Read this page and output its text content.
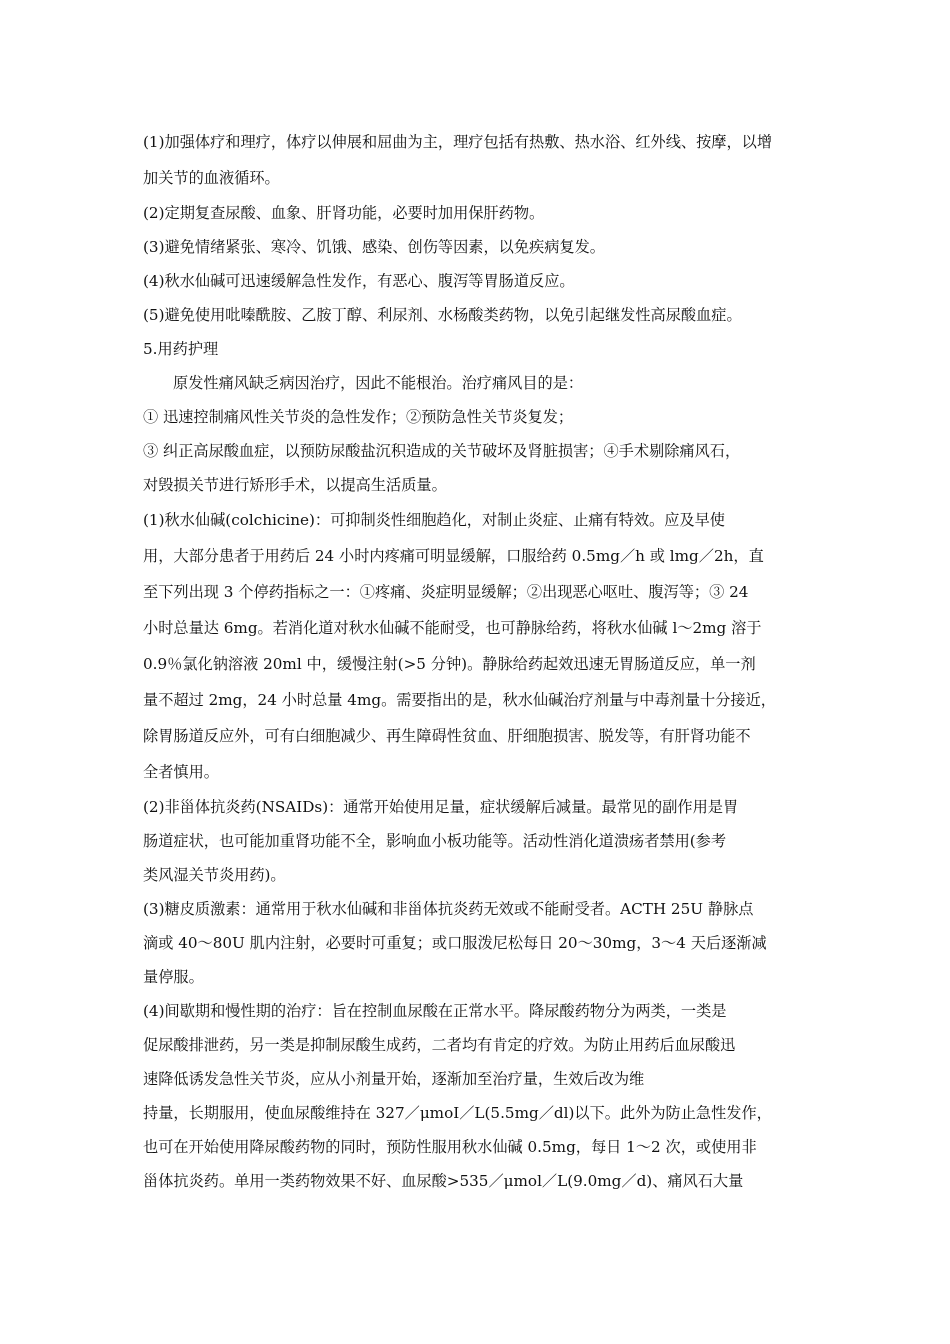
(1)加强体疗和理疗，体疗以伸展和屈曲为主，理疗包括有热敷、热水浴、红外线、按摩，以增

加关节的血液循环。

(2)定期复查尿酸、血象、肝肾功能，必要时加用保肝药物。

(3)避免情绪紧张、寒冷、饥饿、感染、创伤等因素，以免疾病复发。

(4)秋水仙碱可迅速缓解急性发作，有恶心、腹泻等胃肠道反应。

(5)避免使用吡嗪酰胺、乙胺丁醇、利尿剂、水杨酸类药物，以免引起继发性高尿酸血症。

5.用药护理

原发性痛风缺乏病因治疗，因此不能根治。治疗痛风目的是：

① 迅速控制痛风性关节炎的急性发作；②预防急性关节炎复发；

③ 纠正高尿酸血症，以预防尿酸盐沉积造成的关节破坏及肾脏损害；④手术剔除痛风石，

对毁损关节进行矫形手术，以提高生活质量。

(1)秋水仙碱(colchicine)：可抑制炎性细胞趋化，对制止炎症、止痛有特效。应及早使

用，大部分患者于用药后 24 小时内疼痛可明显缓解，口服给药 0.5mg／h 或 lmg／2h，直

至下列出现 3 个停药指标之一：①疼痛、炎症明显缓解；②出现恶心呕吐、腹泻等；③ 24

小时总量达 6mg。若消化道对秋水仙碱不能耐受，也可静脉给药，将秋水仙碱 l～2mg 溶于

0.9％氯化钠溶液 20ml 中，缓慢注射(>5 分钟)。静脉给药起效迅速无胃肠道反应，单一剂

量不超过 2mg，24 小时总量 4mg。需要指出的是，秋水仙碱治疗剂量与中毒剂量十分接近，

除胃肠道反应外，可有白细胞减少、再生障碍性贫血、肝细胞损害、脱发等，有肝肾功能不

全者慎用。

(2)非甾体抗炎药(NSAIDs)：通常开始使用足量，症状缓解后减量。最常见的副作用是胃

肠道症状，也可能加重肾功能不全，影响血小板功能等。活动性消化道溃疡者禁用(参考

类风湿关节炎用药)。

(3)糖皮质激素：通常用于秋水仙碱和非甾体抗炎药无效或不能耐受者。ACTH 25U 静脉点

滴或 40～80U 肌内注射，必要时可重复；或口服泼尼松每日 20～30mg，3～4 天后逐渐减

量停服。

(4)间歇期和慢性期的治疗：旨在控制血尿酸在正常水平。降尿酸药物分为两类，一类是

促尿酸排泄药，另一类是抑制尿酸生成药，二者均有肯定的疗效。为防止用药后血尿酸迅

速降低诱发急性关节炎，应从小剂量开始，逐渐加至治疗量，生效后改为维

持量，长期服用，使血尿酸维持在 327／μmoI／L(5.5mg／dl)以下。此外为防止急性发作，

也可在开始使用降尿酸药物的同时，预防性服用秋水仙碱 0.5mg，每日 1～2 次，或使用非

甾体抗炎药。单用一类药物效果不好、血尿酸>535／μmol／L(9.0mg／d)、痛风石大量
